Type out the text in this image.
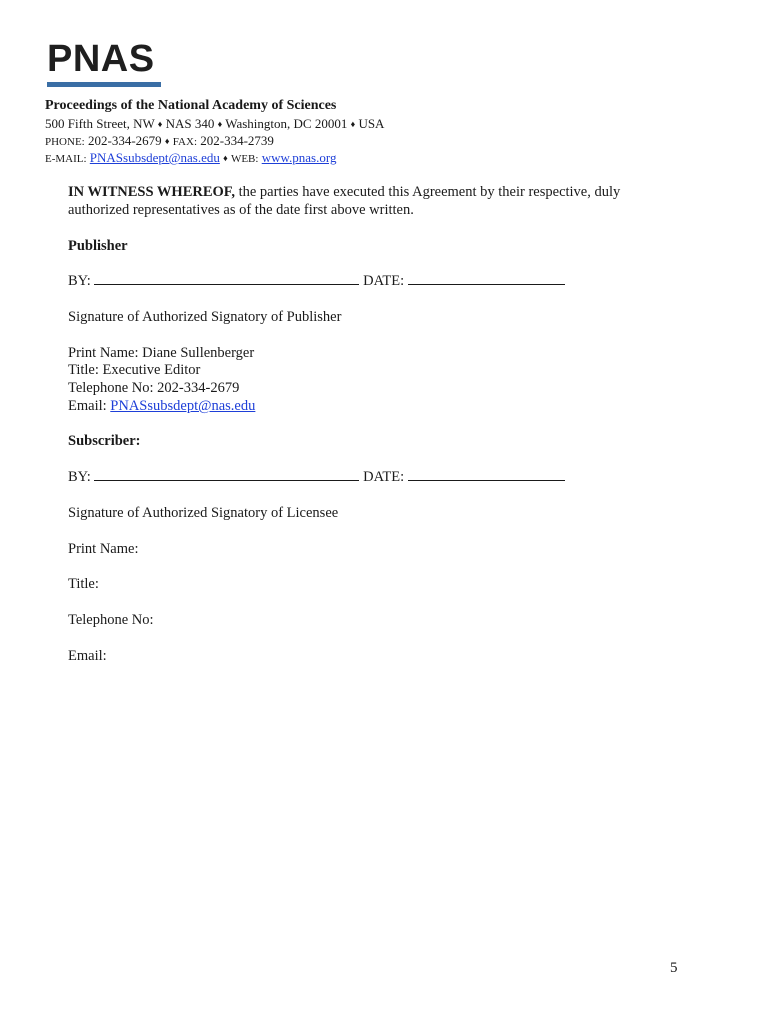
PNAS
Proceedings of the National Academy of Sciences
500 Fifth Street, NW ♦ NAS 340 ♦ Washington, DC 20001 ♦ USA
PHONE: 202-334-2679 ♦ FAX: 202-334-2739
E-MAIL: PNASsubsdept@nas.edu ♦ WEB: www.pnas.org
IN WITNESS WHEREOF, the parties have executed this Agreement by their respective, duly
authorized representatives as of the date first above written.
Publisher
BY:	DATE:
Signature of Authorized Signatory of Publisher
Print Name: Diane Sullenberger
Title: Executive Editor
Telephone No: 202-334-2679
Email: PNASsubsdept@nas.edu
Subscriber:
BY:	DATE:
Signature of Authorized Signatory of Licensee
Print Name:
Title:
Telephone No:
Email:
5
